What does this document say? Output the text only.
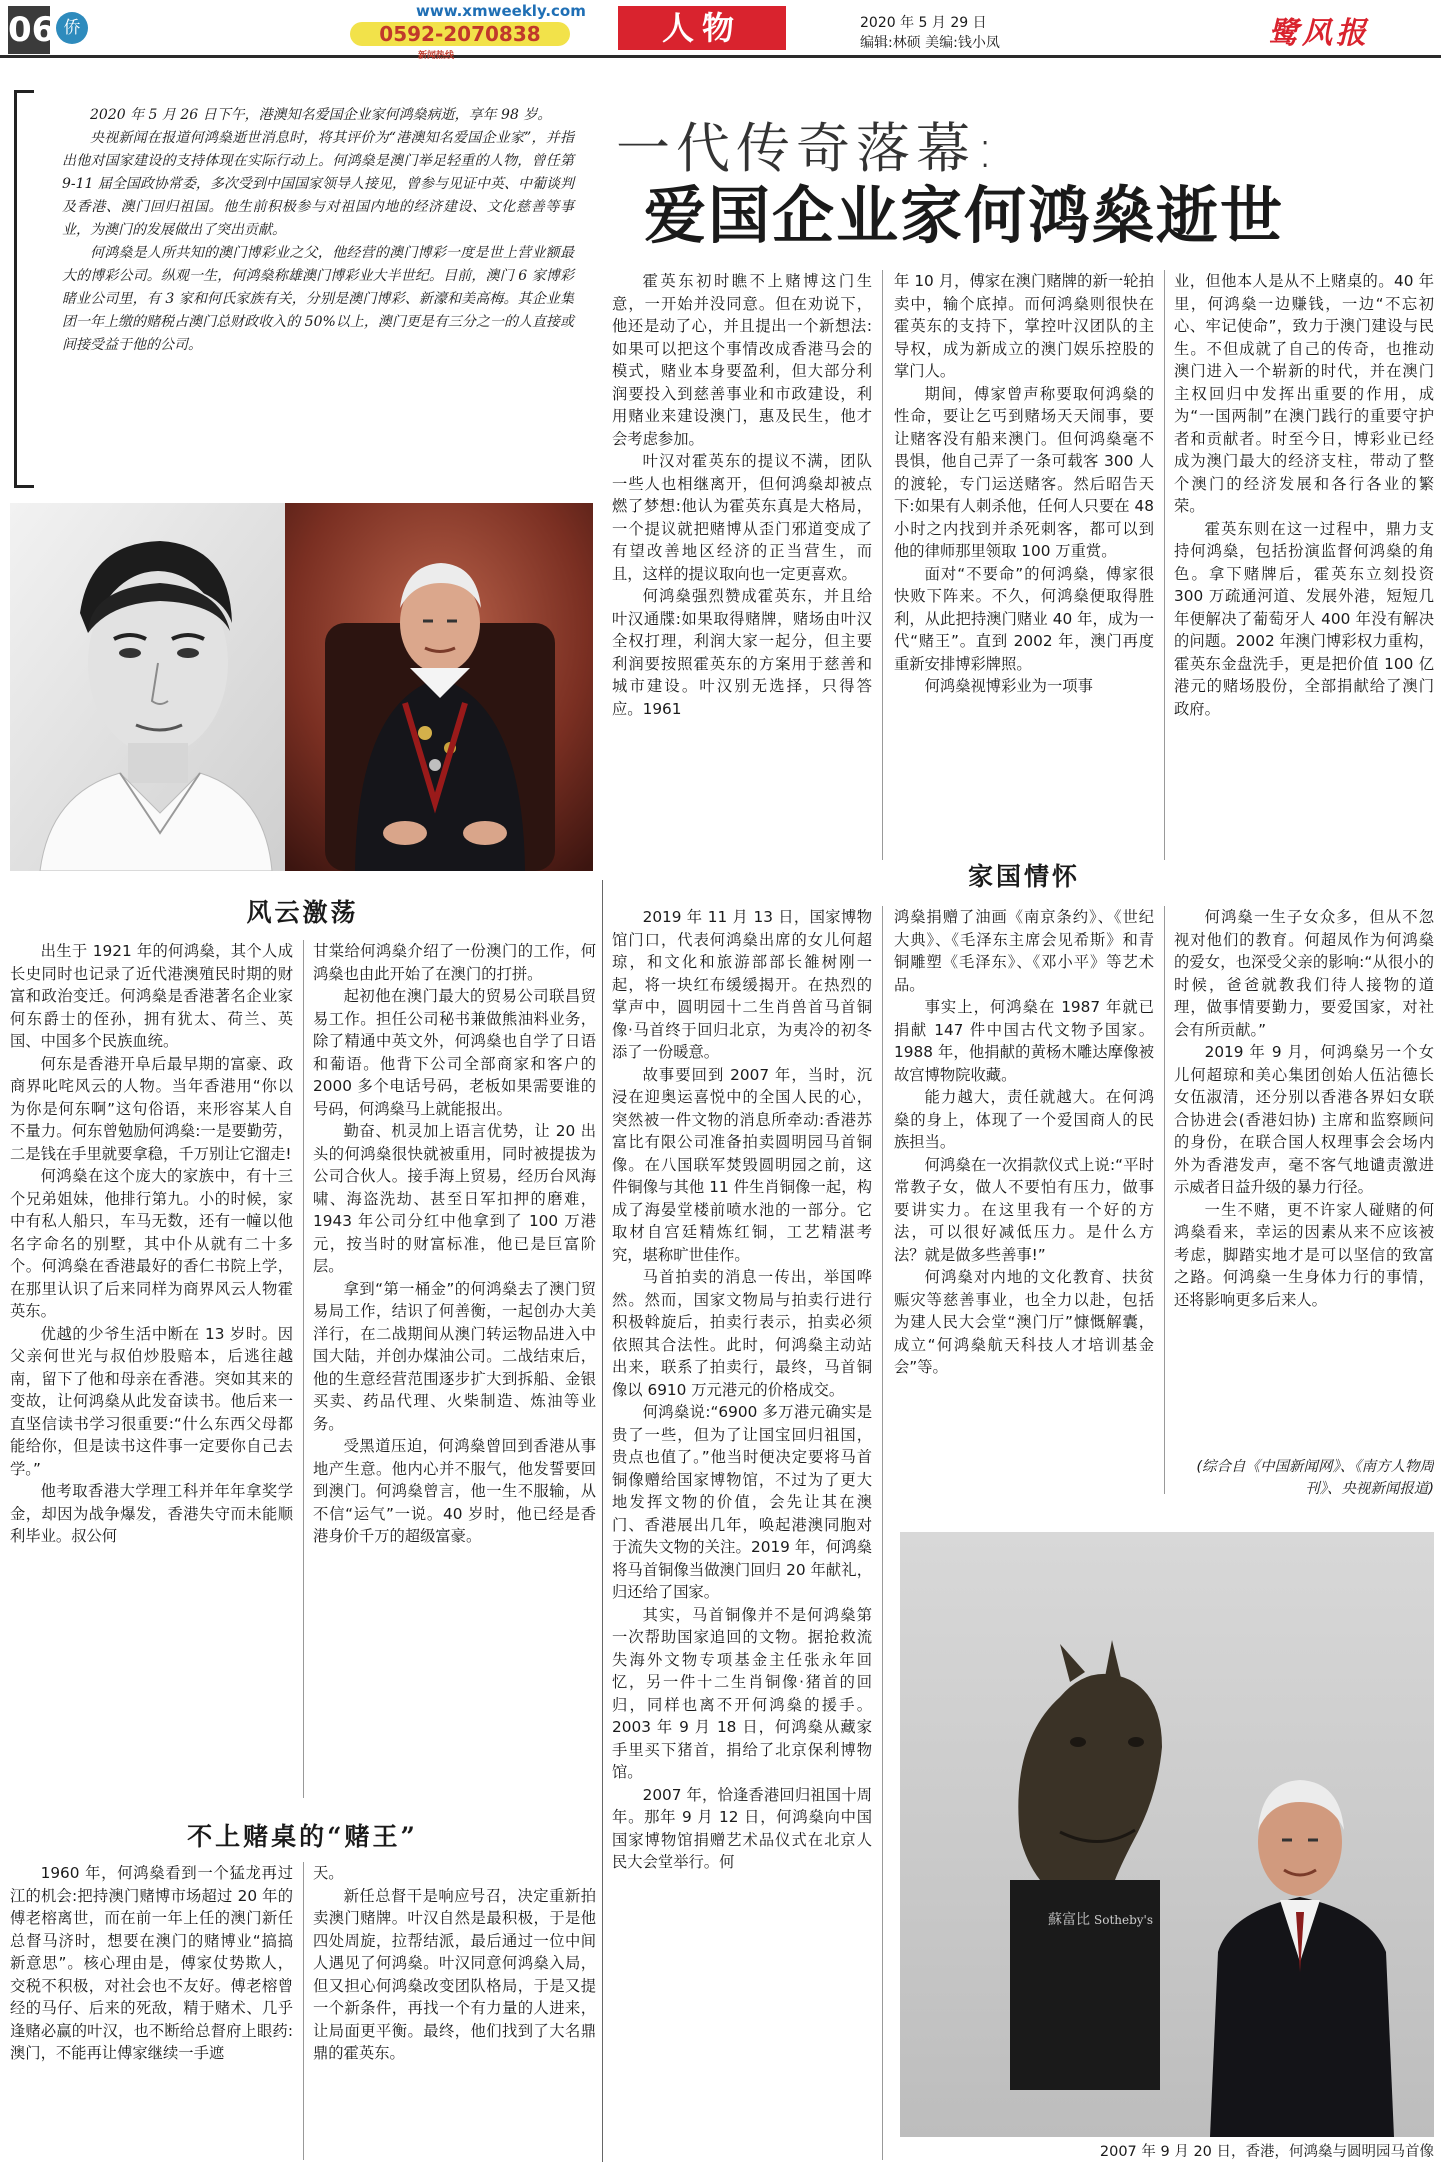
06 侨
www.xmweekly.com
0592-2070838
新闻热线
人物	2020 年 5 月 29 日
编辑:林硕 美编:钱小凤	鹭风报

2020 年 5 月 26 日下午，港澳知名爱国企业家何鸿燊病逝，享年 98 岁。

央视新闻在报道何鸿燊逝世消息时，将其评价为“港澳知名爱国企业家”，并指出他对国家建设的支持体现在实际行动上。何鸿燊是澳门举足轻重的人物，曾任第 9-11 届全国政协常委，多次受到中国国家领导人接见，曾参与见证中英、中葡谈判及香港、澳门回归祖国。他生前积极参与对祖国内地的经济建设、文化慈善等事业，为澳门的发展做出了突出贡献。

何鸿燊是人所共知的澳门博彩业之父，他经营的澳门博彩一度是世上营业额最大的博彩公司。纵观一生，何鸿燊称雄澳门博彩业大半世纪。目前，澳门 6 家博彩睹业公司里，有 3 家和何氏家族有关，分别是澳门博彩、新濠和美高梅。其企业集团一年上缴的赌税占澳门总财政收入的 50%以上，澳门更是有三分之一的人直接或间接受益于他的公司。

一代传奇落幕:
爱国企业家何鸿燊逝世

霍英东初时瞧不上赌博这门生意，一开始并没同意。但在劝说下，他还是动了心，并且提出一个新想法:如果可以把这个事情改成香港马会的模式，赌业本身要盈利，但大部分利润要投入到慈善事业和市政建设，利用赌业来建设澳门，惠及民生，他才会考虑参加。

叶汉对霍英东的提议不满，团队一些人也相继离开，但何鸿燊却被点燃了梦想:他认为霍英东真是大格局，一个提议就把赌博从歪门邪道变成了有望改善地区经济的正当营生，而且，这样的提议取向也一定更喜欢。

何鸿燊强烈赞成霍英东，并且给叶汉通牒:如果取得赌牌，赌场由叶汉全权打理，利润大家一起分，但主要利润要按照霍英东的方案用于慈善和城市建设。叶汉别无选择，只得答应。1961

年 10 月，傅家在澳门赌牌的新一轮拍卖中，输个底掉。而何鸿燊则很快在霍英东的支持下，掌控叶汉团队的主导权，成为新成立的澳门娱乐控股的掌门人。

期间，傅家曾声称要取何鸿燊的性命，要让乞丐到赌场天天闹事，要让赌客没有船来澳门。但何鸿燊毫不畏惧，他自己弄了一条可载客 300 人的渡轮，专门运送赌客。然后昭告天下:如果有人刺杀他，任何人只要在 48 小时之内找到并杀死刺客，都可以到他的律师那里领取 100 万重赏。

面对“不要命”的何鸿燊，傅家很快败下阵来。不久，何鸿燊便取得胜利，从此把持澳门赌业 40 年，成为一代“赌王”。直到 2002 年，澳门再度重新安排博彩牌照。

何鸿燊视博彩业为一项事

业，但他本人是从不上赌桌的。40 年里，何鸿燊一边赚钱，一边“不忘初心、牢记使命”，致力于澳门建设与民生。不但成就了自己的传奇，也推动澳门进入一个崭新的时代，并在澳门主权回归中发挥出重要的作用，成为“一国两制”在澳门践行的重要守护者和贡献者。时至今日，博彩业已经成为澳门最大的经济支柱，带动了整个澳门的经济发展和各行各业的繁荣。

霍英东则在这一过程中，鼎力支持何鸿燊，包括扮演监督何鸿燊的角色。拿下赌牌后，霍英东立刻投资 300 万疏通河道、发展外港，短短几年便解决了葡萄牙人 400 年没有解决的问题。2002 年澳门博彩权力重构，霍英东金盘洗手，更是把价值 100 亿港元的赌场股份，全部捐献给了澳门政府。

风云激荡

出生于 1921 年的何鸿燊，其个人成长史同时也记录了近代港澳殖民时期的财富和政治变迁。何鸿燊是香港著名企业家何东爵士的侄孙，拥有犹太、荷兰、英国、中国多个民族血统。

何东是香港开阜后最早期的富豪、政商界叱咤风云的人物。当年香港用“你以为你是何东啊”这句俗语，来形容某人自不量力。何东曾勉励何鸿燊:一是要勤劳，二是钱在手里就要拿稳，千万别让它溜走!

何鸿燊在这个庞大的家族中，有十三个兄弟姐妹，他排行第九。小的时候，家中有私人船只，车马无数，还有一幢以他名字命名的别墅，其中仆从就有二十多个。何鸿燊在香港最好的香仁书院上学，在那里认识了后来同样为商界风云人物霍英东。

优越的少爷生活中断在 13 岁时。因父亲何世光与叔伯炒股赔本，后逃往越南，留下了他和母亲在香港。突如其来的变故，让何鸿燊从此发奋读书。他后来一直坚信读书学习很重要:“什么东西父母都能给你，但是读书这件事一定要你自己去学。”

他考取香港大学理工科并年年拿奖学金，却因为战争爆发，香港失守而未能顺利毕业。叔公何

甘棠给何鸿燊介绍了一份澳门的工作，何鸿燊也由此开始了在澳门的打拼。

起初他在澳门最大的贸易公司联昌贸易工作。担任公司秘书兼做熊油料业务，除了精通中英文外，何鸿燊也自学了日语和葡语。他背下公司全部商家和客户的 2000 多个电话号码，老板如果需要谁的号码，何鸿燊马上就能报出。

勤奋、机灵加上语言优势，让 20 出头的何鸿燊很快就被重用，同时被提拔为公司合伙人。接手海上贸易，经历台风海啸、海盗洗劫、甚至日军扣押的磨难，1943 年公司分红中他拿到了 100 万港元，按当时的财富标准，他已是巨富阶层。

拿到“第一桶金”的何鸿燊去了澳门贸易局工作，结识了何善衡，一起创办大美洋行，在二战期间从澳门转运物品进入中国大陆，并创办煤油公司。二战结束后，他的生意经营范围逐步扩大到拆船、金银买卖、药品代理、火柴制造、炼油等业务。

受黑道压迫，何鸿燊曾回到香港从事地产生意。他内心并不服气，他发誓要回到澳门。何鸿燊曾言，他一生不服输，从不信“运气”一说。40 岁时，他已经是香港身价千万的超级富豪。

不上赌桌的“赌王”

1960 年，何鸿燊看到一个猛龙再过江的机会:把持澳门赌博市场超过 20 年的傅老榕离世，而在前一年上任的澳门新任总督马济时，想要在澳门的赌博业“搞搞新意思”。核心理由是，傅家仗势欺人，交税不积极，对社会也不友好。傅老榕曾经的马仔、后来的死敌，精于赌术、几乎逢赌必赢的叶汉，也不断给总督府上眼药:澳门，不能再让傅家继续一手遮

天。

新任总督干是响应号召，决定重新拍卖澳门赌牌。叶汉自然是最积极，于是他四处周旋，拉帮结派，最后通过一位中间人遇见了何鸿燊。叶汉同意何鸿燊入局，但又担心何鸿燊改变团队格局，于是又提一个新条件，再找一个有力量的人进来，让局面更平衡。最终，他们找到了大名鼎鼎的霍英东。

家国情怀

2019 年 11 月 13 日，国家博物馆门口，代表何鸿燊出席的女儿何超琼，和文化和旅游部部长雒树刚一起，将一块红布缓缓揭开。在热烈的掌声中，圆明园十二生肖兽首马首铜像·马首终于回归北京，为夷冷的初冬添了一份暖意。

故事要回到 2007 年，当时，沉浸在迎奥运喜悦中的全国人民的心，突然被一件文物的消息所牵动:香港苏富比有限公司准备拍卖圆明园马首铜像。在八国联军焚毁圆明园之前，这件铜像与其他 11 件生肖铜像一起，构成了海晏堂楼前喷水池的一部分。它取材自宫廷精炼红铜，工艺精湛考究，堪称旷世佳作。

马首拍卖的消息一传出，举国哗然。然而，国家文物局与拍卖行进行积极斡旋后，拍卖行表示，拍卖必须依照其合法性。此时，何鸿燊主动站出来，联系了拍卖行，最终，马首铜像以 6910 万元港元的价格成交。

何鸿燊说:“6900 多万港元确实是贵了一些，但为了让国宝回归祖国，贵点也值了。”他当时便决定要将马首铜像赠给国家博物馆，不过为了更大地发挥文物的价值，会先让其在澳门、香港展出几年，唤起港澳同胞对于流失文物的关注。2019 年，何鸿燊将马首铜像当做澳门回归 20 年献礼，归还给了国家。

其实，马首铜像并不是何鸿燊第一次帮助国家追回的文物。据抢救流失海外文物专项基金主任张永年回忆，另一件十二生肖铜像·猪首的回归，同样也离不开何鸿燊的援手。2003 年 9 月 18 日，何鸿燊从藏家手里买下猪首，捐给了北京保利博物馆。

2007 年，恰逢香港回归祖国十周年。那年 9 月 12 日，何鸿燊向中国国家博物馆捐赠艺术品仪式在北京人民大会堂举行。何

鸿燊捐赠了油画《南京条约》、《世纪大典》、《毛泽东主席会见希斯》和青铜雕塑《毛泽东》、《邓小平》等艺术品。

事实上，何鸿燊在 1987 年就已捐献 147 件中国古代文物予国家。1988 年，他捐献的黄杨木雕达摩像被故宫博物院收藏。

能力越大，责任就越大。在何鸿燊的身上，体现了一个爱国商人的民族担当。

何鸿燊在一次捐款仪式上说:“平时常教子女，做人不要怕有压力，做事要讲实力。在这里我有一个好的方法，可以很好减低压力。是什么方法？就是做多些善事!”

何鸿燊对内地的文化教育、扶贫赈灾等慈善事业，也全力以赴，包括为建人民大会堂“澳门厅”慷慨解囊，成立“何鸿燊航天科技人才培训基金会”等。

何鸿燊一生子女众多，但从不忽视对他们的教育。何超凤作为何鸿燊的爱女，也深受父亲的影响:“从很小的时候，爸爸就教我们待人接物的道理，做事情要勤力，要爱国家，对社会有所贡献。”

2019 年 9 月，何鸿燊另一个女儿何超琼和美心集团创始人伍沾德长女伍淑清，还分别以香港各界妇女联合协进会(香港妇协) 主席和监察顾问的身份，在联合国人权理事会会场内外为香港发声，毫不客气地谴责激进示威者日益升级的暴力行径。

一生不赌，更不许家人碰赌的何鸿燊看来，幸运的因素从来不应该被考虑，脚踏实地才是可以坚信的致富之路。何鸿燊一生身体力行的事情，还将影响更多后来人。

(综合自《中国新闻网》、《南方人物周刊》、央视新闻报道)
蘇富比 Sotheby's
2007 年 9 月 20 日，香港，何鸿燊与圆明园马首像
